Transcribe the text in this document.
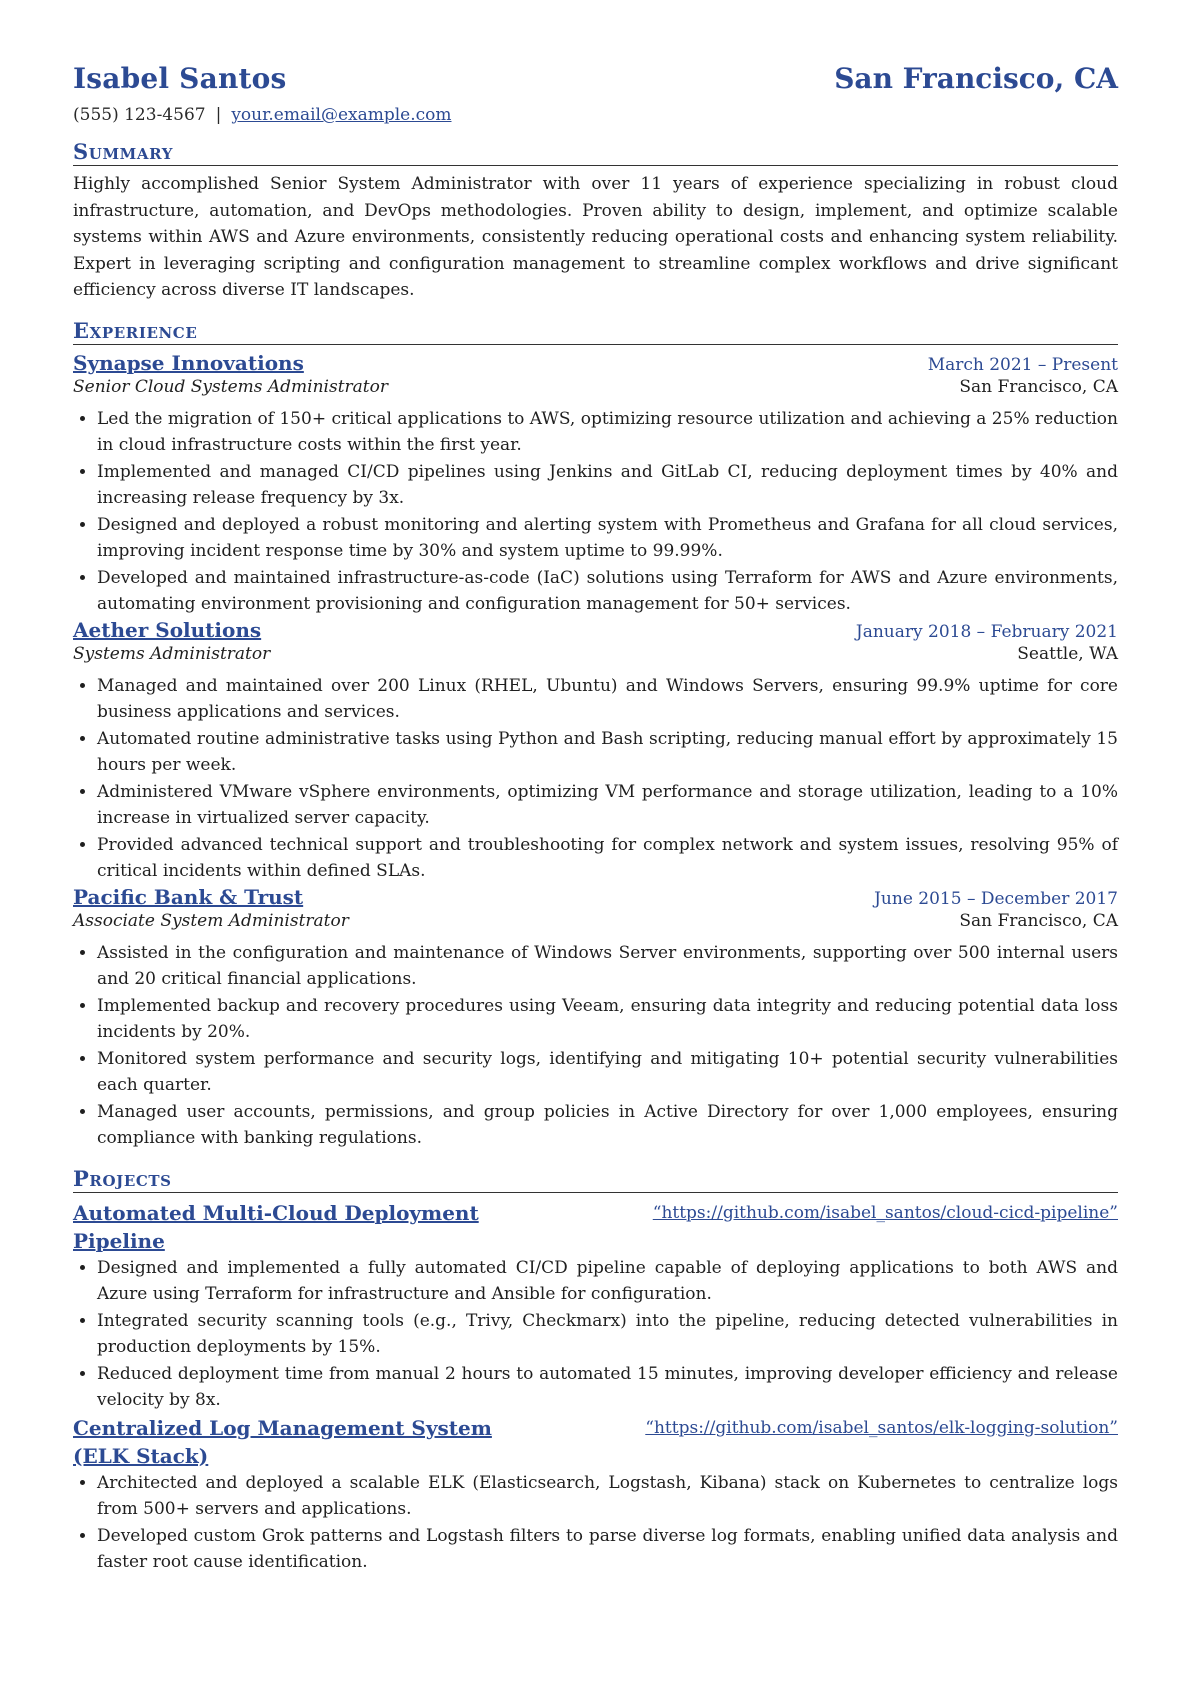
Isabel Santos	San Francisco, CA
(555) 123-4567 | your.email@example.com
Summary
Highly accomplished Senior System Administrator with over 11 years of experience specializing in robust cloud infrastructure, automation, and DevOps methodologies. Proven ability to design, implement, and optimize scalable systems within AWS and Azure environments, consistently reducing operational costs and enhancing system reliability. Expert in leveraging scripting and configuration management to streamline complex workflows and drive significant efficiency across diverse IT landscapes.
Experience
Synapse Innovations	March 2021 – Present
Senior Cloud Systems Administrator	San Francisco, CA
• Led the migration of 150+ critical applications to AWS, optimizing resource utilization and achieving a 25% reduction in cloud infrastructure costs within the first year.
• Implemented and managed CI/CD pipelines using Jenkins and GitLab CI, reducing deployment times by 40% and increasing release frequency by 3x.
• Designed and deployed a robust monitoring and alerting system with Prometheus and Grafana for all cloud services, improving incident response time by 30% and system uptime to 99.99%.
• Developed and maintained infrastructure-as-code (IaC) solutions using Terraform for AWS and Azure environments, automating environment provisioning and configuration management for 50+ services.
Aether Solutions	January 2018 – February 2021
Systems Administrator	Seattle, WA
• Managed and maintained over 200 Linux (RHEL, Ubuntu) and Windows Servers, ensuring 99.9% uptime for core business applications and services.
• Automated routine administrative tasks using Python and Bash scripting, reducing manual effort by approximately 15 hours per week.
• Administered VMware vSphere environments, optimizing VM performance and storage utilization, leading to a 10% increase in virtualized server capacity.
• Provided advanced technical support and troubleshooting for complex network and system issues, resolving 95% of critical incidents within defined SLAs.
Pacific Bank & Trust	June 2015 – December 2017
Associate System Administrator	San Francisco, CA
• Assisted in the configuration and maintenance of Windows Server environments, supporting over 500 internal users and 20 critical financial applications.
• Implemented backup and recovery procedures using Veeam, ensuring data integrity and reducing potential data loss incidents by 20%.
• Monitored system performance and security logs, identifying and mitigating 10+ potential security vulnerabilities each quarter.
• Managed user accounts, permissions, and group policies in Active Directory for over 1,000 employees, ensuring compliance with banking regulations.
Projects
Automated Multi-Cloud Deployment Pipeline
“https://github.com/isabel_santos/cloud-cicd-pipeline”
• Designed and implemented a fully automated CI/CD pipeline capable of deploying applications to both AWS and Azure using Terraform for infrastructure and Ansible for configuration.
• Integrated security scanning tools (e.g., Trivy, Checkmarx) into the pipeline, reducing detected vulnerabilities in production deployments by 15%.
• Reduced deployment time from manual 2 hours to automated 15 minutes, improving developer efficiency and release velocity by 8x.
Centralized Log Management System (ELK Stack)
“https://github.com/isabel_santos/elk-logging-solution”
• Architected and deployed a scalable ELK (Elasticsearch, Logstash, Kibana) stack on Kubernetes to centralize logs from 500+ servers and applications.
• Developed custom Grok patterns and Logstash filters to parse diverse log formats, enabling unified data analysis and faster root cause identification.
